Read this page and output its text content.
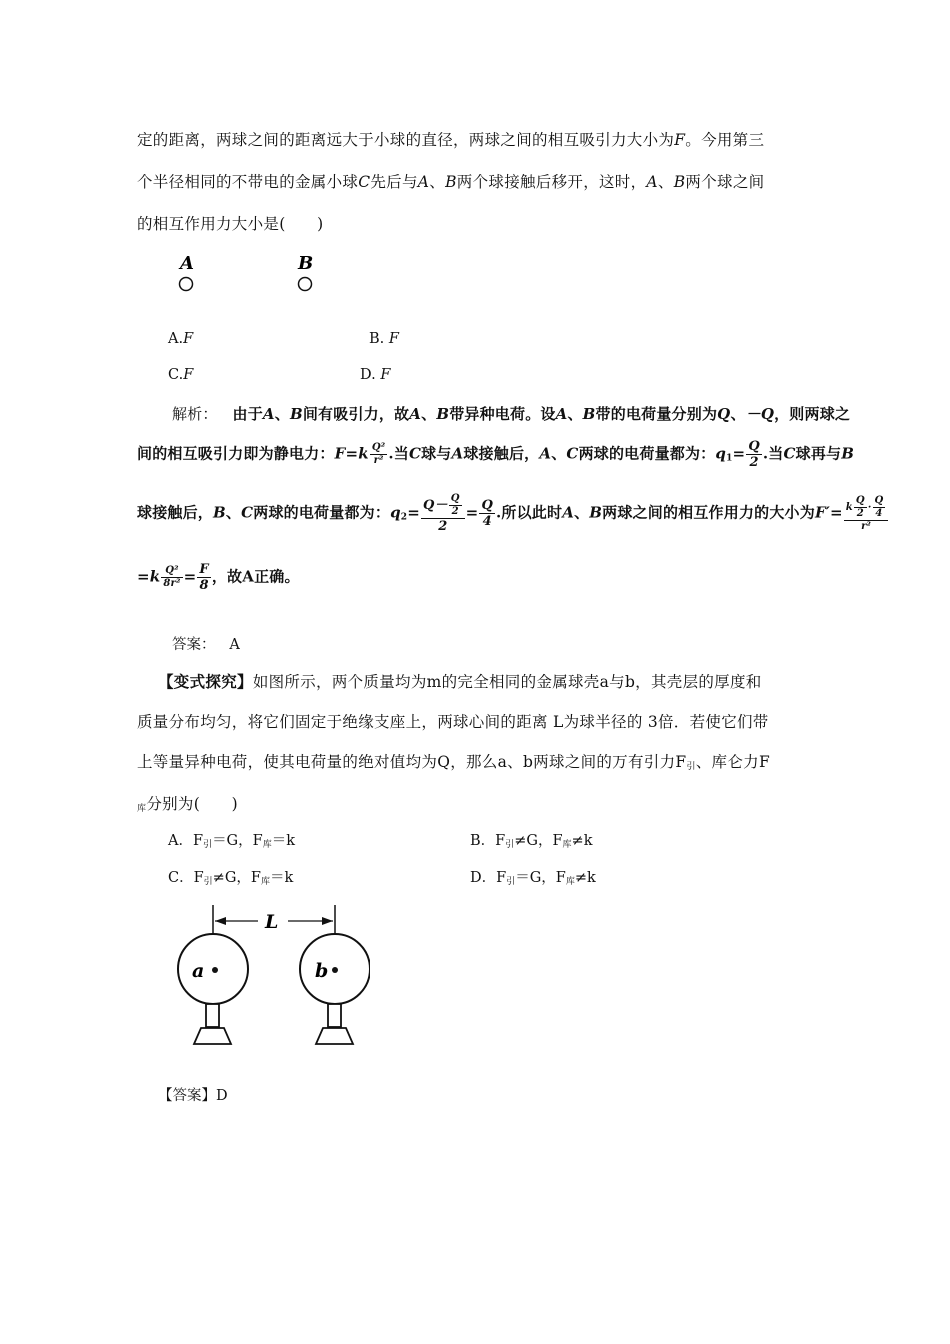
定的距离，两球之间的距离远大于小球的直径，两球之间的相互吸引力大小为F。今用第三
个半径相同的不带电的金属小球C先后与A、B两个球接触后移开，这时，A、B两个球之间
的相互作用力大小是(　　)
A	B
A.F	B. F
C.F	D. F
解析： 由于A、B间有吸引力，故A、B带异种电荷。设A、B带的电荷量分别为Q、－Q，则两球之
间的相互吸引力即为静电力：$F=k \frac{\text{Q²}}{\text{r²}}$ .当C球与A球接触后，A、C两球的电荷量都为：$q_1= \frac{Q}{2}$ .当C球再与B
球接触后，B、C两球的电荷量都为：$q_2= \frac{Q- \frac{Q}{2}}{2} = \frac{Q}{4}$ .所以此时A、B两球之间的相互作用力的大小为$F'= \frac{k \frac{Q}{2} \cdot \frac{Q}{4}}{\text{r²}}$
$=k \frac{\text{Q²}}{\text{8r²}} = \frac{F}{8}$ ，故A正确。
答案： A
【变式探究】如图所示，两个质量均为m的完全相同的金属球壳a与b，其壳层的厚度和
质量分布均匀，将它们固定于绝缘支座上，两球心间的距离 L为球半径的 3倍．若使它们带
上等量异种电荷，使其电荷量的绝对值均为Q，那么a、b两球之间的万有引力$F_引$、库仑力F
$_库$分别为(　　)
A．$F_引=G$，$F_库=k$	B．$F_引\ne G$，$F_库\ne k$
C．$F_引\ne G$，$F_库=k$	D．$F_引=G$，$F_库\ne k$
L
a	b
【答案】D
